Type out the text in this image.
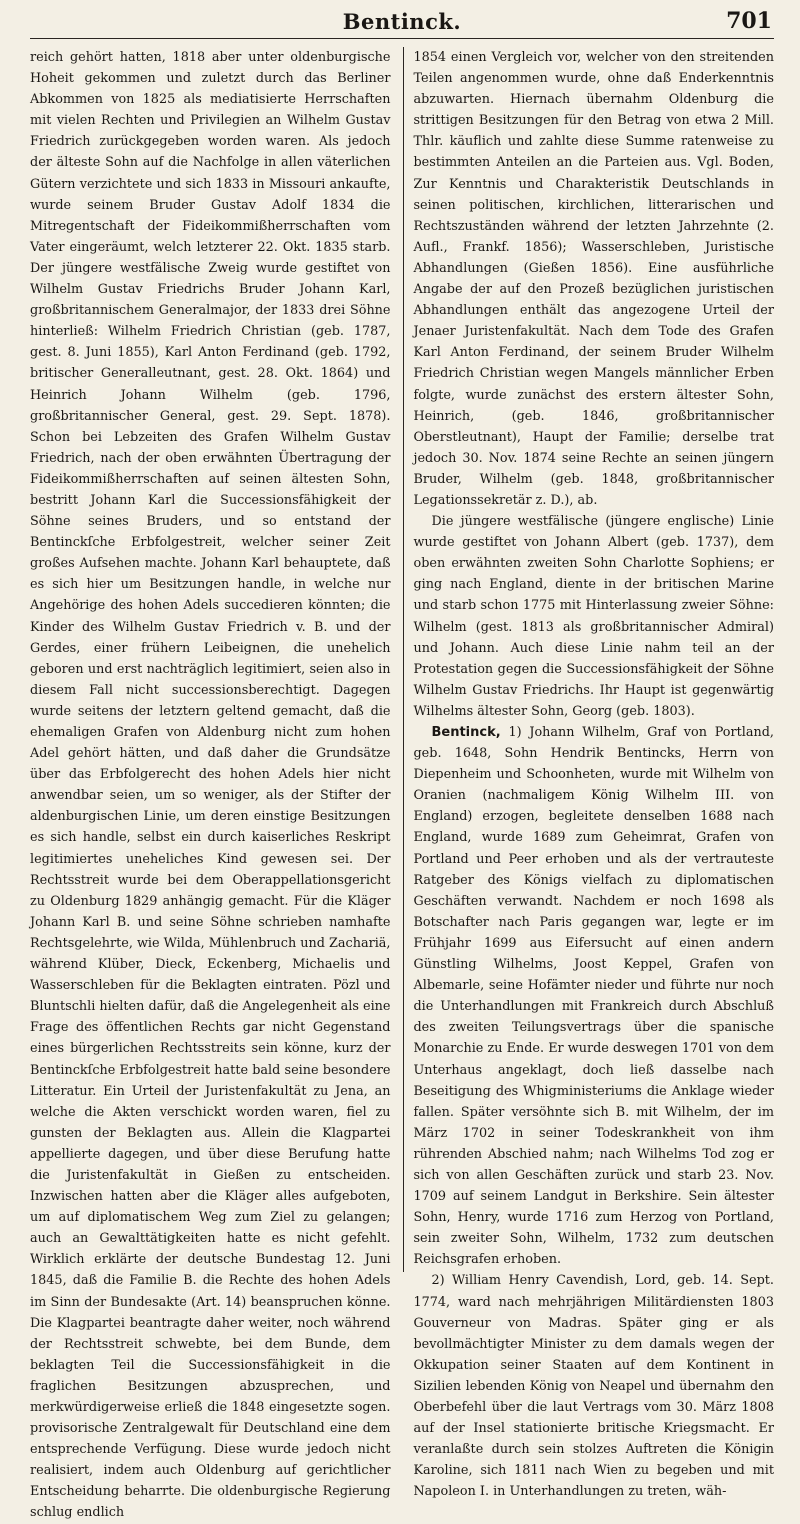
Bentinck.	701

reich gehört hatten, 1818 aber unter oldenburgische Hoheit gekommen und zuletzt durch das Berliner Abkommen von 1825 als mediatisierte Herrschaften mit vielen Rechten und Privilegien an Wilhelm Gustav Friedrich zurückgegeben worden waren. Als jedoch der älteste Sohn auf die Nachfolge in allen väterlichen Gütern verzichtete und sich 1833 in Missouri ankaufte, wurde seinem Bruder Gustav Adolf 1834 die Mitregentschaft der Fideikommißherrschaften vom Vater eingeräumt, welch letzterer 22. Okt. 1835 starb. Der jüngere westfälische Zweig wurde gestiftet von Wilhelm Gustav Friedrichs Bruder Johann Karl, großbritannischem Generalmajor, der 1833 drei Söhne hinterließ: Wilhelm Friedrich Christian (geb. 1787, gest. 8. Juni 1855), Karl Anton Ferdinand (geb. 1792, britischer Generalleutnant, gest. 28. Okt. 1864) und Heinrich Johann Wilhelm (geb. 1796, großbritannischer General, gest. 29. Sept. 1878). Schon bei Lebzeiten des Grafen Wilhelm Gustav Friedrich, nach der oben erwähnten Übertragung der Fideikommißherrschaften auf seinen ältesten Sohn, bestritt Johann Karl die Successionsfähigkeit der Söhne seines Bruders, und so entstand der Bentinckſche Erbfolgestreit, welcher seiner Zeit großes Aufsehen machte. Johann Karl behauptete, daß es sich hier um Besitzungen handle, in welche nur Angehörige des hohen Adels succedieren könnten; die Kinder des Wilhelm Gustav Friedrich v. B. und der Gerdes, einer frühern Leibeignen, die unehelich geboren und erst nachträglich legitimiert, seien also in diesem Fall nicht successionsberechtigt. Dagegen wurde seitens der letztern geltend gemacht, daß die ehemaligen Grafen von Aldenburg nicht zum hohen Adel gehört hätten, und daß daher die Grundsätze über das Erbfolgerecht des hohen Adels hier nicht anwendbar seien, um so weniger, als der Stifter der aldenburgischen Linie, um deren einstige Besitzungen es sich handle, selbst ein durch kaiserliches Reskript legitimiertes uneheliches Kind gewesen sei. Der Rechtsstreit wurde bei dem Oberappellationsgericht zu Oldenburg 1829 anhängig gemacht. Für die Kläger Johann Karl B. und seine Söhne schrieben namhafte Rechtsgelehrte, wie Wilda, Mühlenbruch und Zachariä, während Klüber, Dieck, Eckenberg, Michaelis und Wasserschleben für die Beklagten eintraten. Pözl und Bluntschli hielten dafür, daß die Angelegenheit als eine Frage des öffentlichen Rechts gar nicht Gegenstand eines bürgerlichen Rechtsstreits sein könne, kurz der Bentinckſche Erbfolgestreit hatte bald seine besondere Litteratur. Ein Urteil der Juristenfakultät zu Jena, an welche die Akten verschickt worden waren, fiel zu gunsten der Beklagten aus. Allein die Klagpartei appellierte dagegen, und über diese Berufung hatte die Juristenfakultät in Gießen zu entscheiden. Inzwischen hatten aber die Kläger alles aufgeboten, um auf diplomatischem Weg zum Ziel zu gelangen; auch an Gewalttätigkeiten hatte es nicht gefehlt. Wirklich erklärte der deutsche Bundestag 12. Juni 1845, daß die Familie B. die Rechte des hohen Adels im Sinn der Bundesakte (Art. 14) beanspruchen könne. Die Klagpartei beantragte daher weiter, noch während der Rechtsstreit schwebte, bei dem Bunde, dem beklagten Teil die Successionsfähigkeit in die fraglichen Besitzungen abzusprechen, und merkwürdigerweise erließ die 1848 eingesetzte sogen. provisorische Zentralgewalt für Deutschland eine dem entsprechende Verfügung. Diese wurde jedoch nicht realisiert, indem auch Oldenburg auf gerichtlicher Entscheidung beharrte. Die oldenburgische Regierung schlug endlich

1854 einen Vergleich vor, welcher von den streitenden Teilen angenommen wurde, ohne daß Enderkenntnis abzuwarten. Hiernach übernahm Oldenburg die strittigen Besitzungen für den Betrag von etwa 2 Mill. Thlr. käuflich und zahlte diese Summe ratenweise zu bestimmten Anteilen an die Parteien aus. Vgl. Boden, Zur Kenntnis und Charakteristik Deutschlands in seinen politischen, kirchlichen, litterarischen und Rechtszuständen während der letzten Jahrzehnte (2. Aufl., Frankf. 1856); Wasserschleben, Juristische Abhandlungen (Gießen 1856). Eine ausführliche Angabe der auf den Prozeß bezüglichen juristischen Abhandlungen enthält das angezogene Urteil der Jenaer Juristenfakultät. Nach dem Tode des Grafen Karl Anton Ferdinand, der seinem Bruder Wilhelm Friedrich Christian wegen Mangels männlicher Erben folgte, wurde zunächst des erstern ältester Sohn, Heinrich, (geb. 1846, großbritannischer Oberstleutnant), Haupt der Familie; derselbe trat jedoch 30. Nov. 1874 seine Rechte an seinen jüngern Bruder, Wilhelm (geb. 1848, großbritannischer Legationssekretär z. D.), ab.

Die jüngere westfälische (jüngere englische) Linie wurde gestiftet von Johann Albert (geb. 1737), dem oben erwähnten zweiten Sohn Charlotte Sophiens; er ging nach England, diente in der britischen Marine und starb schon 1775 mit Hinterlassung zweier Söhne: Wilhelm (gest. 1813 als großbritannischer Admiral) und Johann. Auch diese Linie nahm teil an der Protestation gegen die Successionsfähigkeit der Söhne Wilhelm Gustav Friedrichs. Ihr Haupt ist gegenwärtig Wilhelms ältester Sohn, Georg (geb. 1803).

Bentinck, 1) Johann Wilhelm, Graf von Portland, geb. 1648, Sohn Hendrik Bentincks, Herrn von Diepenheim und Schoonheten, wurde mit Wilhelm von Oranien (nachmaligem König Wilhelm III. von England) erzogen, begleitete denselben 1688 nach England, wurde 1689 zum Geheimrat, Grafen von Portland und Peer erhoben und als der vertrauteste Ratgeber des Königs vielfach zu diplomatischen Geschäften verwandt. Nachdem er noch 1698 als Botschafter nach Paris gegangen war, legte er im Frühjahr 1699 aus Eifersucht auf einen andern Günstling Wilhelms, Joost Keppel, Grafen von Albemarle, seine Hofämter nieder und führte nur noch die Unterhandlungen mit Frankreich durch Abschluß des zweiten Teilungsvertrags über die spanische Monarchie zu Ende. Er wurde deswegen 1701 von dem Unterhaus angeklagt, doch ließ dasselbe nach Beseitigung des Whigministeriums die Anklage wieder fallen. Später versöhnte sich B. mit Wilhelm, der im März 1702 in seiner Todeskrankheit von ihm rührenden Abschied nahm; nach Wilhelms Tod zog er sich von allen Geschäften zurück und starb 23. Nov. 1709 auf seinem Landgut in Berkshire. Sein ältester Sohn, Henry, wurde 1716 zum Herzog von Portland, sein zweiter Sohn, Wilhelm, 1732 zum deutschen Reichsgrafen erhoben.

2) William Henry Cavendish, Lord, geb. 14. Sept. 1774, ward nach mehrjährigen Militärdiensten 1803 Gouverneur von Madras. Später ging er als bevollmächtigter Minister zu dem damals wegen der Okkupation seiner Staaten auf dem Kontinent in Sizilien lebenden König von Neapel und übernahm den Oberbefehl über die laut Vertrags vom 30. März 1808 auf der Insel stationierte britische Kriegsmacht. Er veranlaßte durch sein stolzes Auftreten die Königin Karoline, sich 1811 nach Wien zu begeben und mit Napoleon I. in Unterhandlungen zu treten, wäh-
